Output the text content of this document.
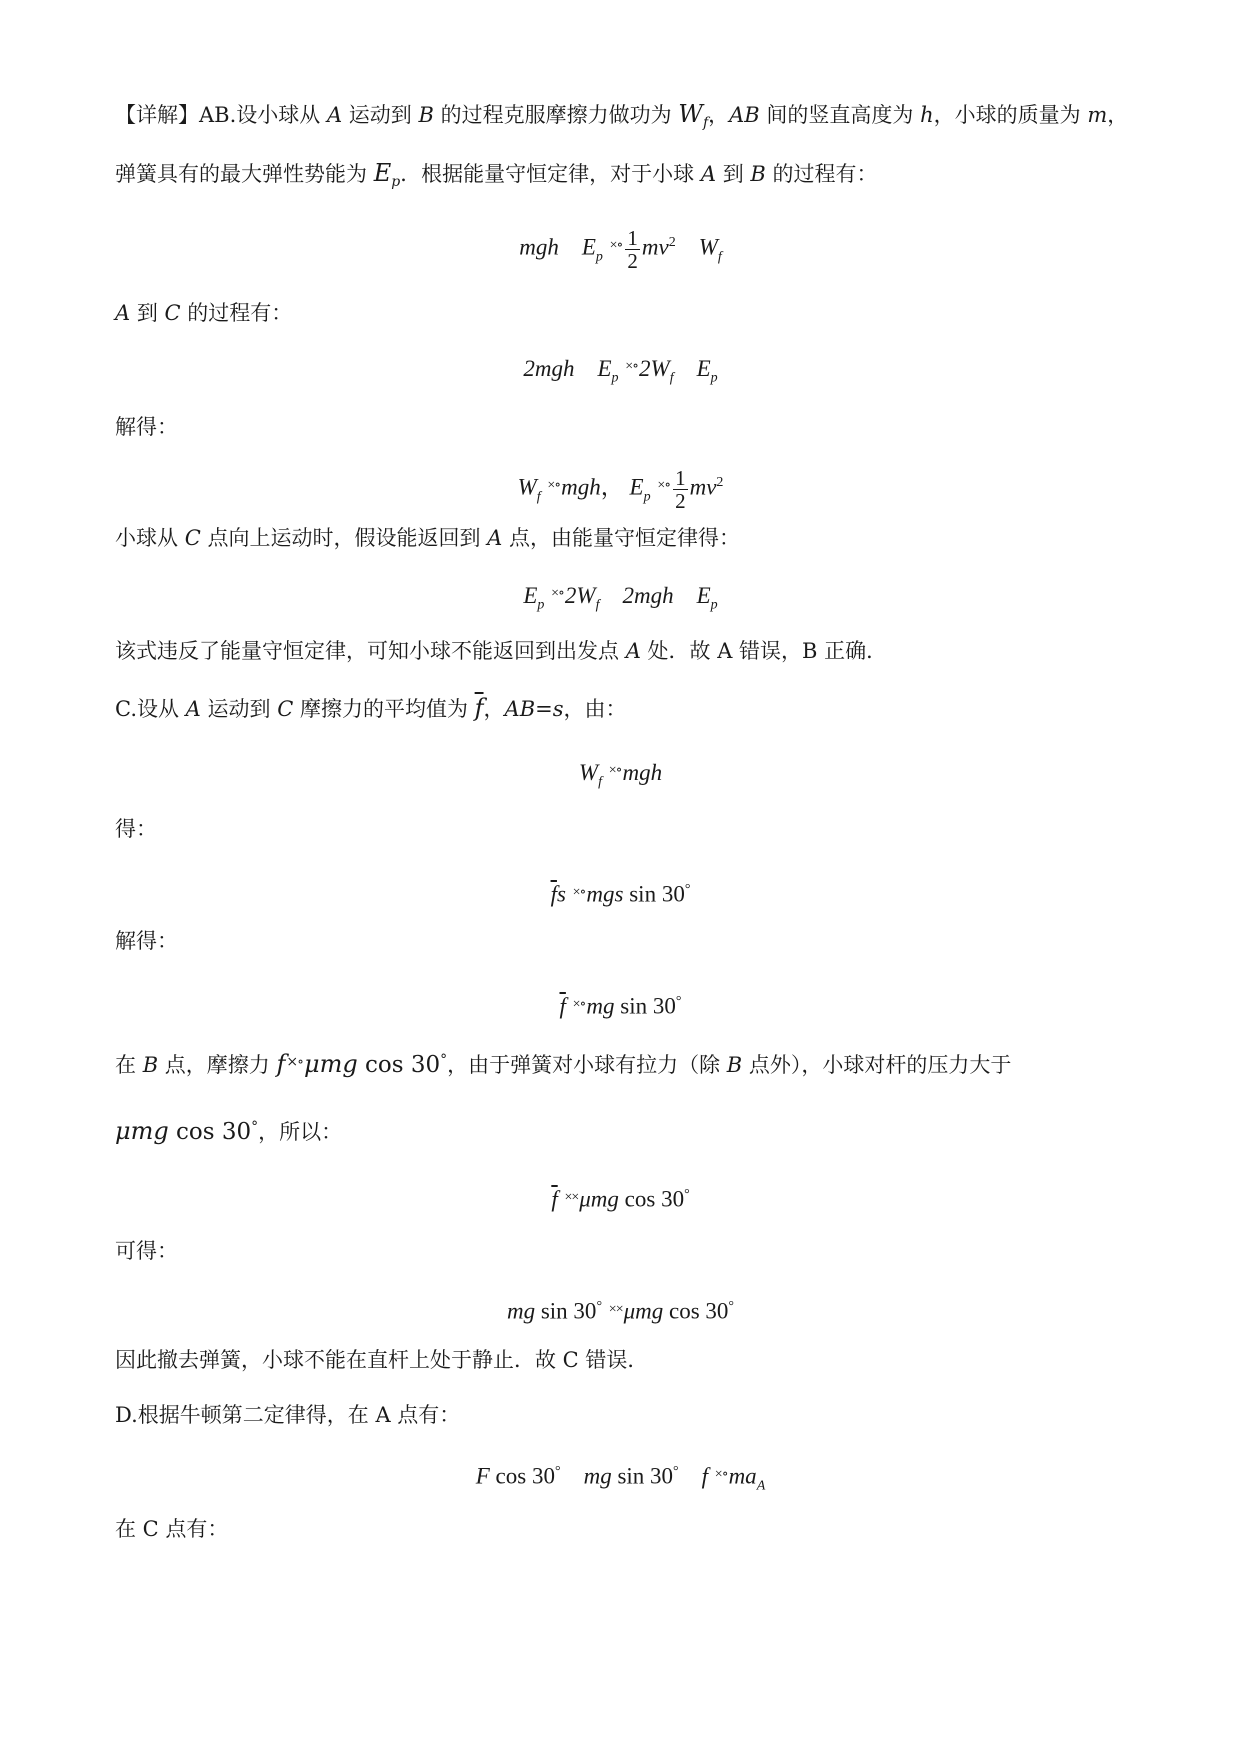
【详解】AB.设小球从 A 运动到 B 的过程克服摩擦力做功为 $W_f$，AB 间的竖直高度为 h，小球的质量为 m，
弹簧具有的最大弹性势能为 $E_p$．根据能量守恒定律，对于小球 A 到 B 的过程有：
mgh $E_p$ $^{\times\circ} \frac{1}{2} mv^2$ $W_f$
A 到 C 的过程有：
2mgh $E_p$ $^{\times\circ}2W_f$ $E_p$
解得：
$W_f$ ×∘mgh， $E_p$ $^{\times\circ} \frac{1}{2} mv^2$
小球从 C 点向上运动时，假设能返回到 A 点，由能量守恒定律得：
$E_p$ $^{\times\circ}2W_f$ 2mgh $E_p$
该式违反了能量守恒定律，可知小球不能返回到出发点 A 处．故 A 错误，B 正确．
C.设从 A 运动到 C 摩擦力的平均值为 $\overline{f}$，AB=s，由：
$W_f$ ×∘mgh
得：
$\overline{f}s$ ×∘mgs sin 30°
解得：
$\overline{f}$ ×∘mg sin 30°
在 B 点，摩擦力 f×∘μmg cos 30°，由于弹簧对小球有拉力（除 B 点外），小球对杆的压力大于
μmg cos 30°，所以：
$\overline{f}$ ××μmg cos 30°
可得：
mg sin 30° ××μmg cos 30°
因此撤去弹簧，小球不能在直杆上处于静止．故 C 错误．
D.根据牛顿第二定律得，在 A 点有：
F cos 30° mg sin 30° f $^{\times\circ}ma_A$
在 C 点有：
